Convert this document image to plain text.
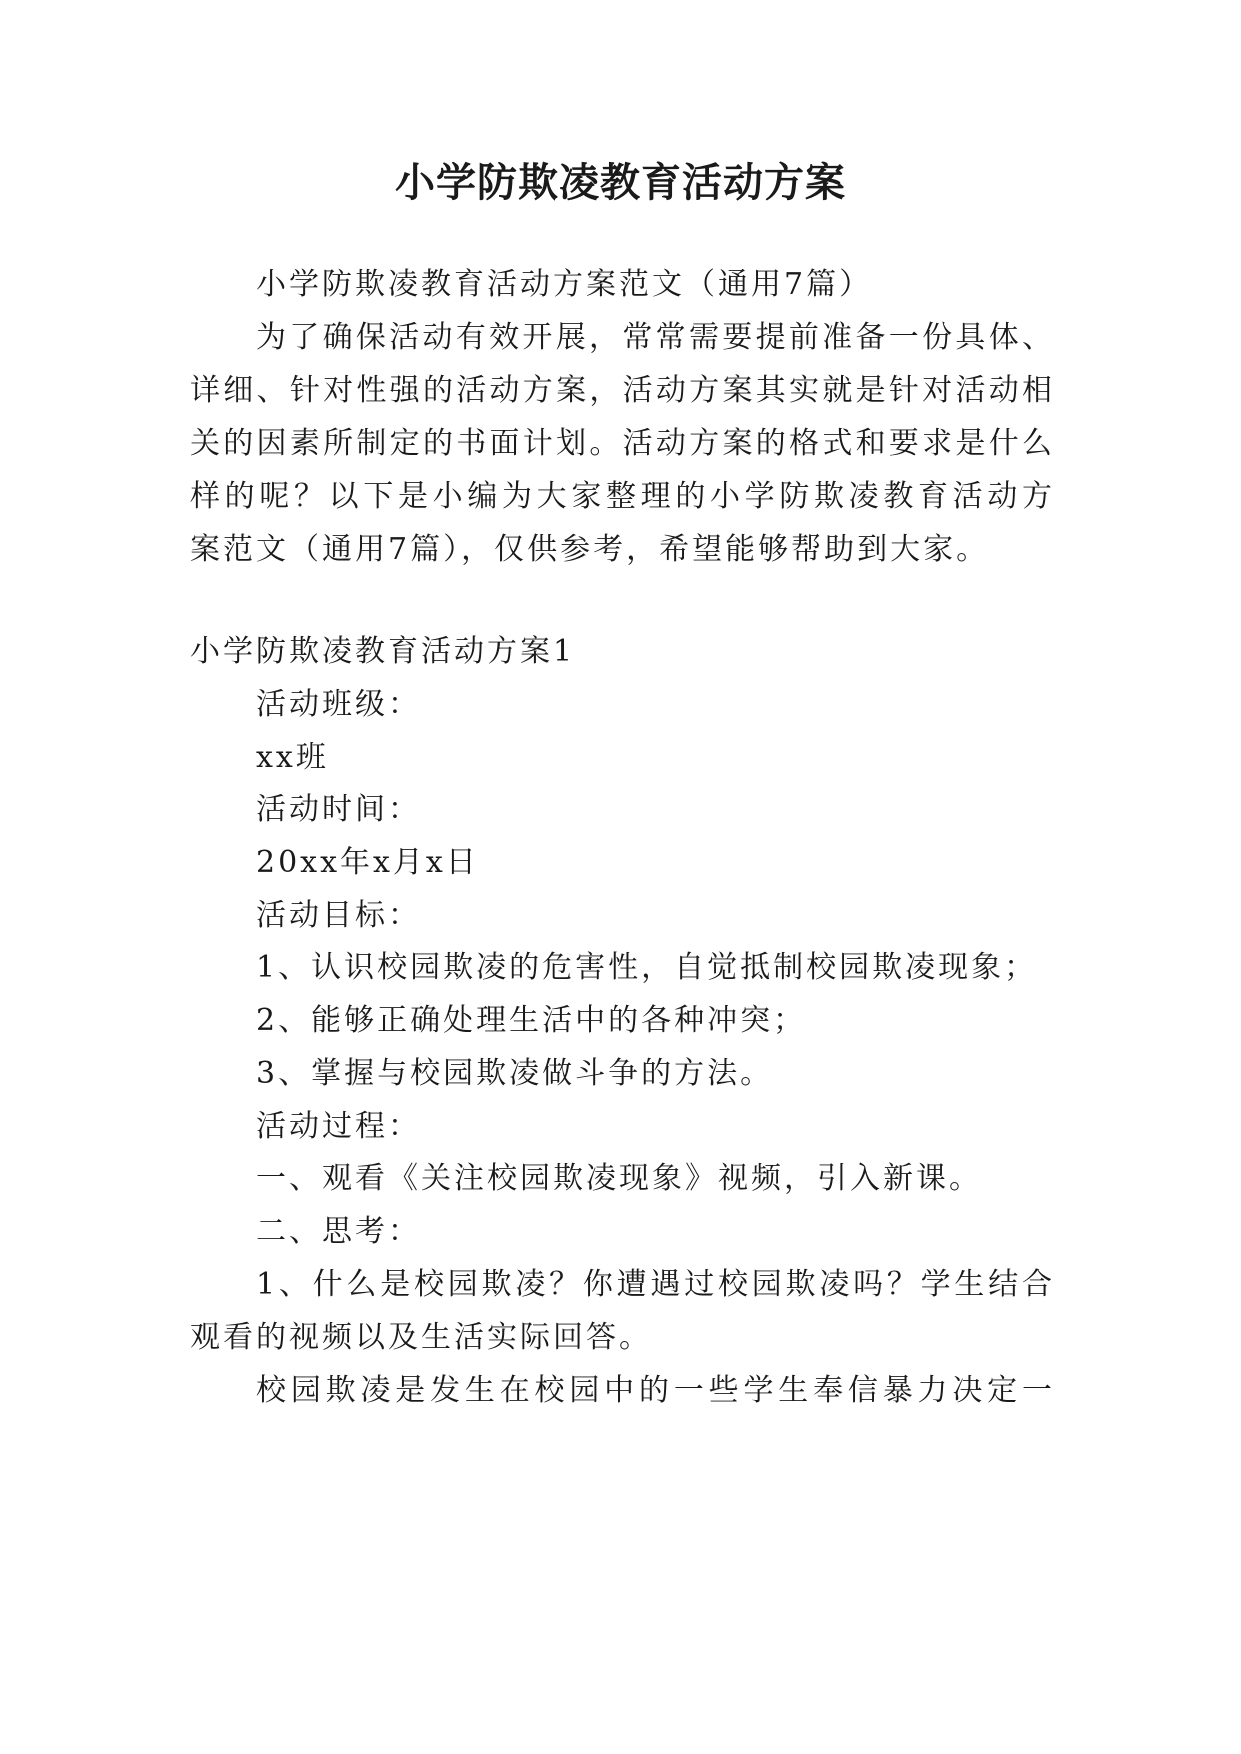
小学防欺凌教育活动方案
小学防欺凌教育活动方案范文（通用7篇）
为了确保活动有效开展，常常需要提前准备一份具体、
详细、针对性强的活动方案，活动方案其实就是针对活动相
关的因素所制定的书面计划。活动方案的格式和要求是什么
样的呢？以下是小编为大家整理的小学防欺凌教育活动方
案范文（通用7篇），仅供参考，希望能够帮助到大家。
小学防欺凌教育活动方案1
活动班级：
xx班
活动时间：
20xx年x月x日
活动目标：
1、认识校园欺凌的危害性，自觉抵制校园欺凌现象；
2、能够正确处理生活中的各种冲突；
3、掌握与校园欺凌做斗争的方法。
活动过程：
一、观看《关注校园欺凌现象》视频，引入新课。
二、思考：
1、什么是校园欺凌？你遭遇过校园欺凌吗？学生结合
观看的视频以及生活实际回答。
校园欺凌是发生在校园中的一些学生奉信暴力决定一
